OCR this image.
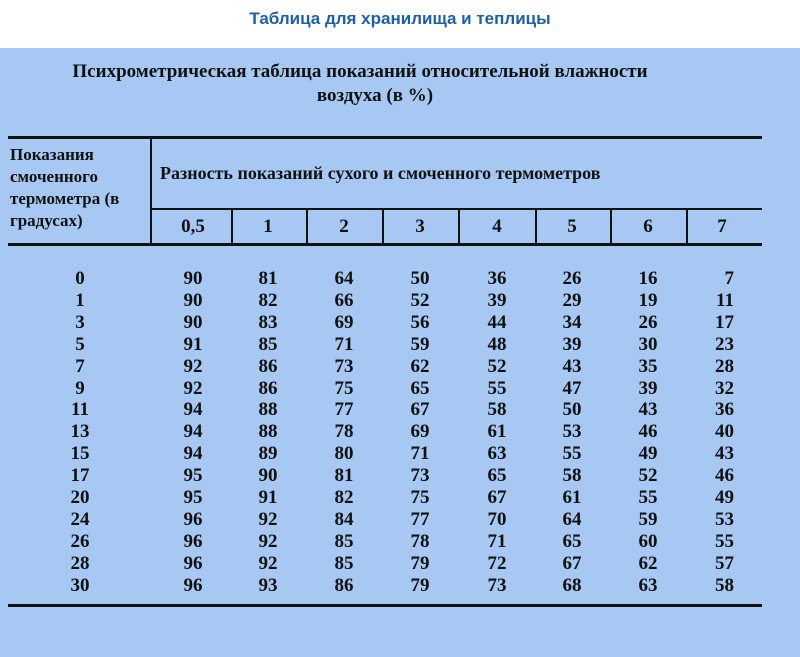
Таблица для хранилища и теплицы
Психрометрическая таблица показаний относительной влажности
воздуха (в %)
Показания смоченного термометра (в градусах)
Разность показаний сухого и смоченного термометров
0,5	1	2	3	4	5	6	7
0	90	81	64	50	36	26	16	7
1	90	82	66	52	39	29	19	11
3	90	83	69	56	44	34	26	17
5	91	85	71	59	48	39	30	23
7	92	86	73	62	52	43	35	28
9	92	86	75	65	55	47	39	32
11	94	88	77	67	58	50	43	36
13	94	88	78	69	61	53	46	40
15	94	89	80	71	63	55	49	43
17	95	90	81	73	65	58	52	46
20	95	91	82	75	67	61	55	49
24	96	92	84	77	70	64	59	53
26	96	92	85	78	71	65	60	55
28	96	92	85	79	72	67	62	57
30	96	93	86	79	73	68	63	58
